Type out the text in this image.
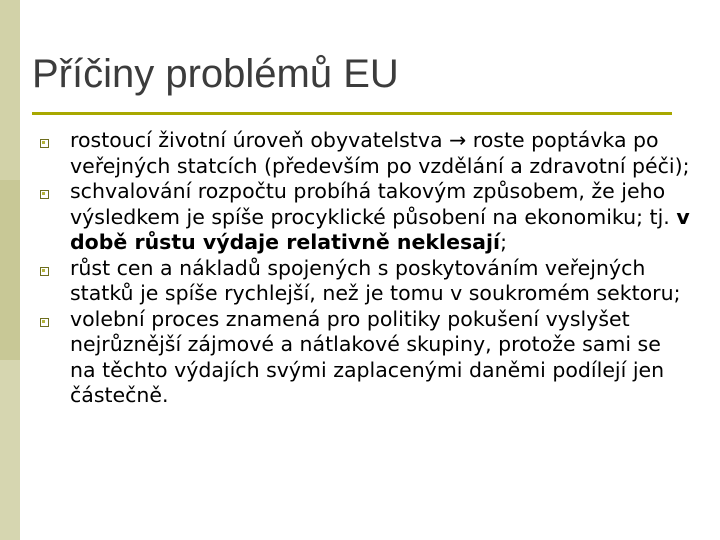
Příčiny problémů EU
rostoucí životní úroveň obyvatelstva → roste poptávka po veřejných statcích (především po vzdělání a zdravotní péči);
schvalování rozpočtu probíhá takovým způsobem, že jeho výsledkem je spíše procyklické působení na ekonomiku; tj. v době růstu výdaje relativně neklesají;
růst cen a nákladů spojených s poskytováním veřejných statků je spíše rychlejší, než je tomu v soukromém sektoru;
volební proces znamená pro politiky pokušení vyslyšet nejrůznější zájmové a nátlakové skupiny, protože sami se na těchto výdajích svými zaplacenými daněmi podílejí jen částečně.
